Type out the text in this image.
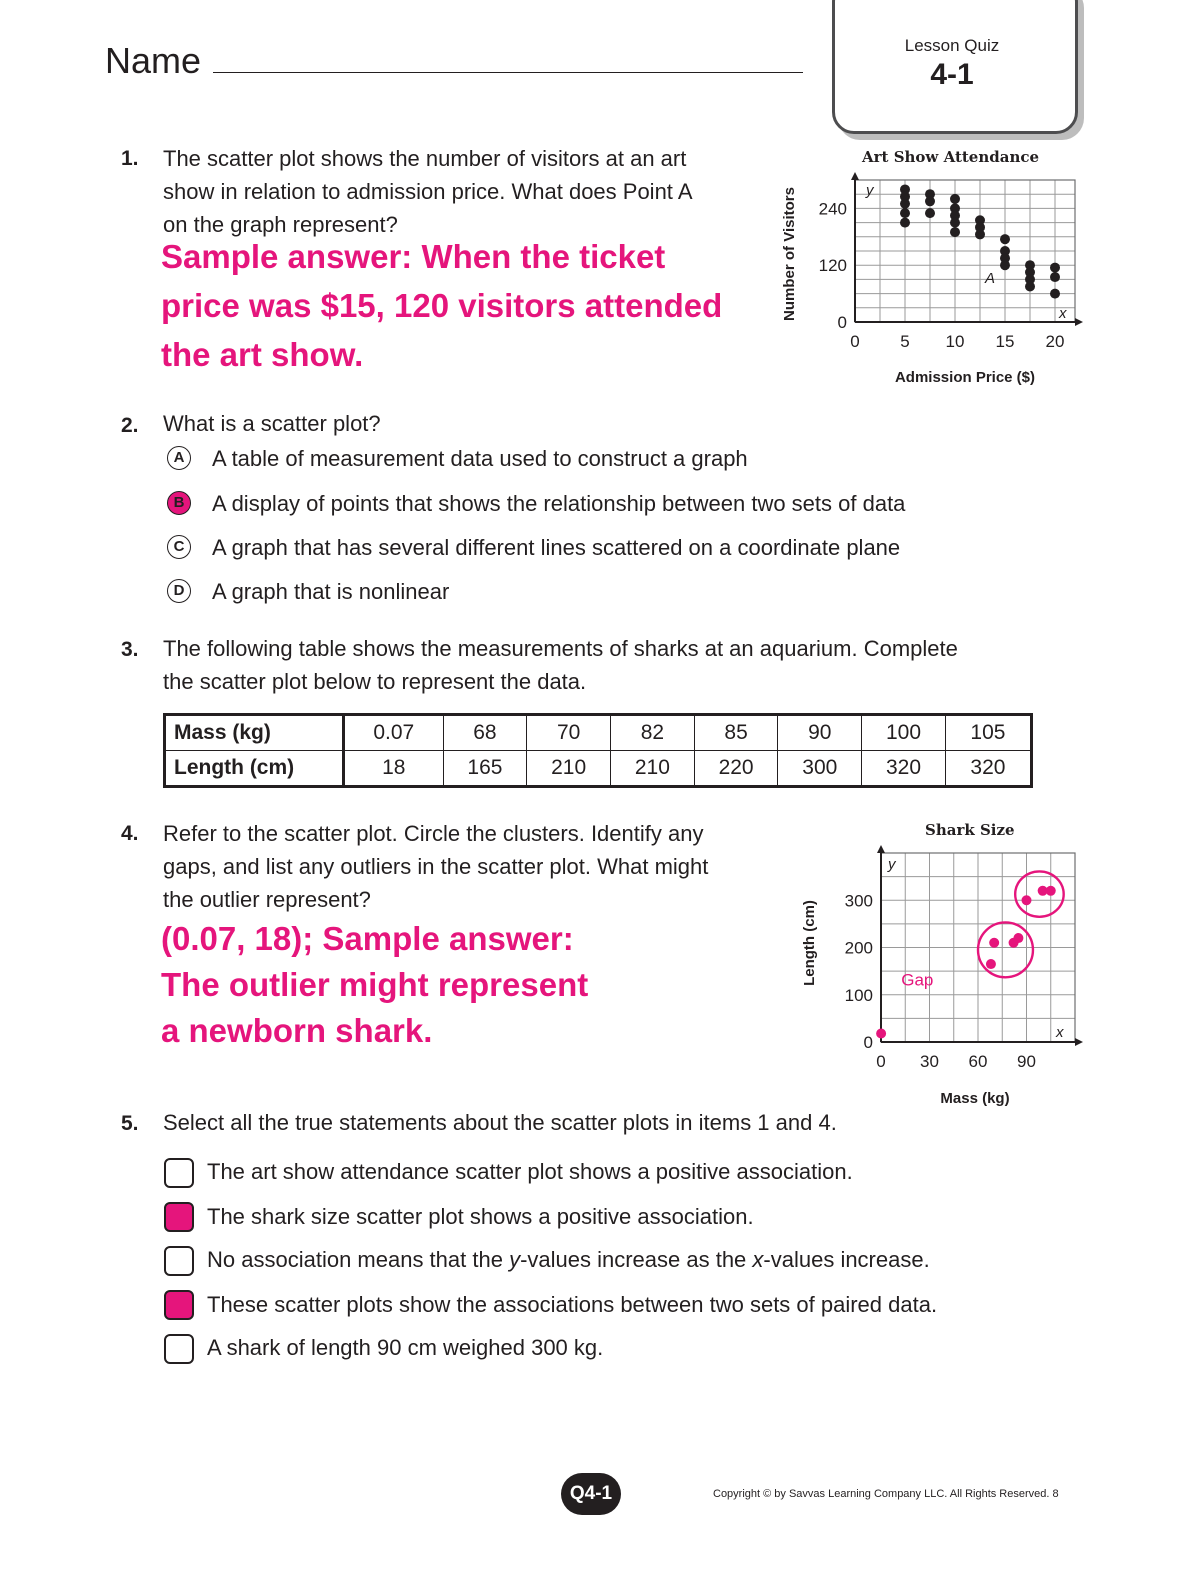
Name	Lesson Quiz
4-1
1. The scatter plot shows the number of visitors at an art
show in relation to admission price. What does Point A
on the graph represent?
Sample answer: When the ticket
price was $15, 120 visitors attended
the art show.
Art Show Attendance
0 5 10 15 20
0
120
240
Number of Visitors
Admission Price ($)
x
y
A
2. What is a scatter plot?
A A table of measurement data used to construct a graph
B A display of points that shows the relationship between two sets of data
C A graph that has several different lines scattered on a coordinate plane
D A graph that is nonlinear
3. The following table shows the measurements of sharks at an aquarium. Complete
the scatter plot below to represent the data.
Mass (kg)	0.07	68	70	82	85	90	100	105
Length (cm)	18	165	210	210	220	300	320	320
4. Refer to the scatter plot. Circle the clusters. Identify any
gaps, and list any outliers in the scatter plot. What might
the outlier represent?
(0.07, 18); Sample answer:
The outlier might represent
a newborn shark.
Shark Size
0 30 60 90
0
100
200
300
Length (cm)
Mass (kg)
x
y
Gap
5. Select all the true statements about the scatter plots in items 1 and 4.
The art show attendance scatter plot shows a positive association.
The shark size scatter plot shows a positive association.
No association means that the y-values increase as the x-values increase.
These scatter plots show the associations between two sets of paired data.
A shark of length 90 cm weighed 300 kg.
Q4-1	Copyright © by Savvas Learning Company LLC. All Rights Reserved. 8
